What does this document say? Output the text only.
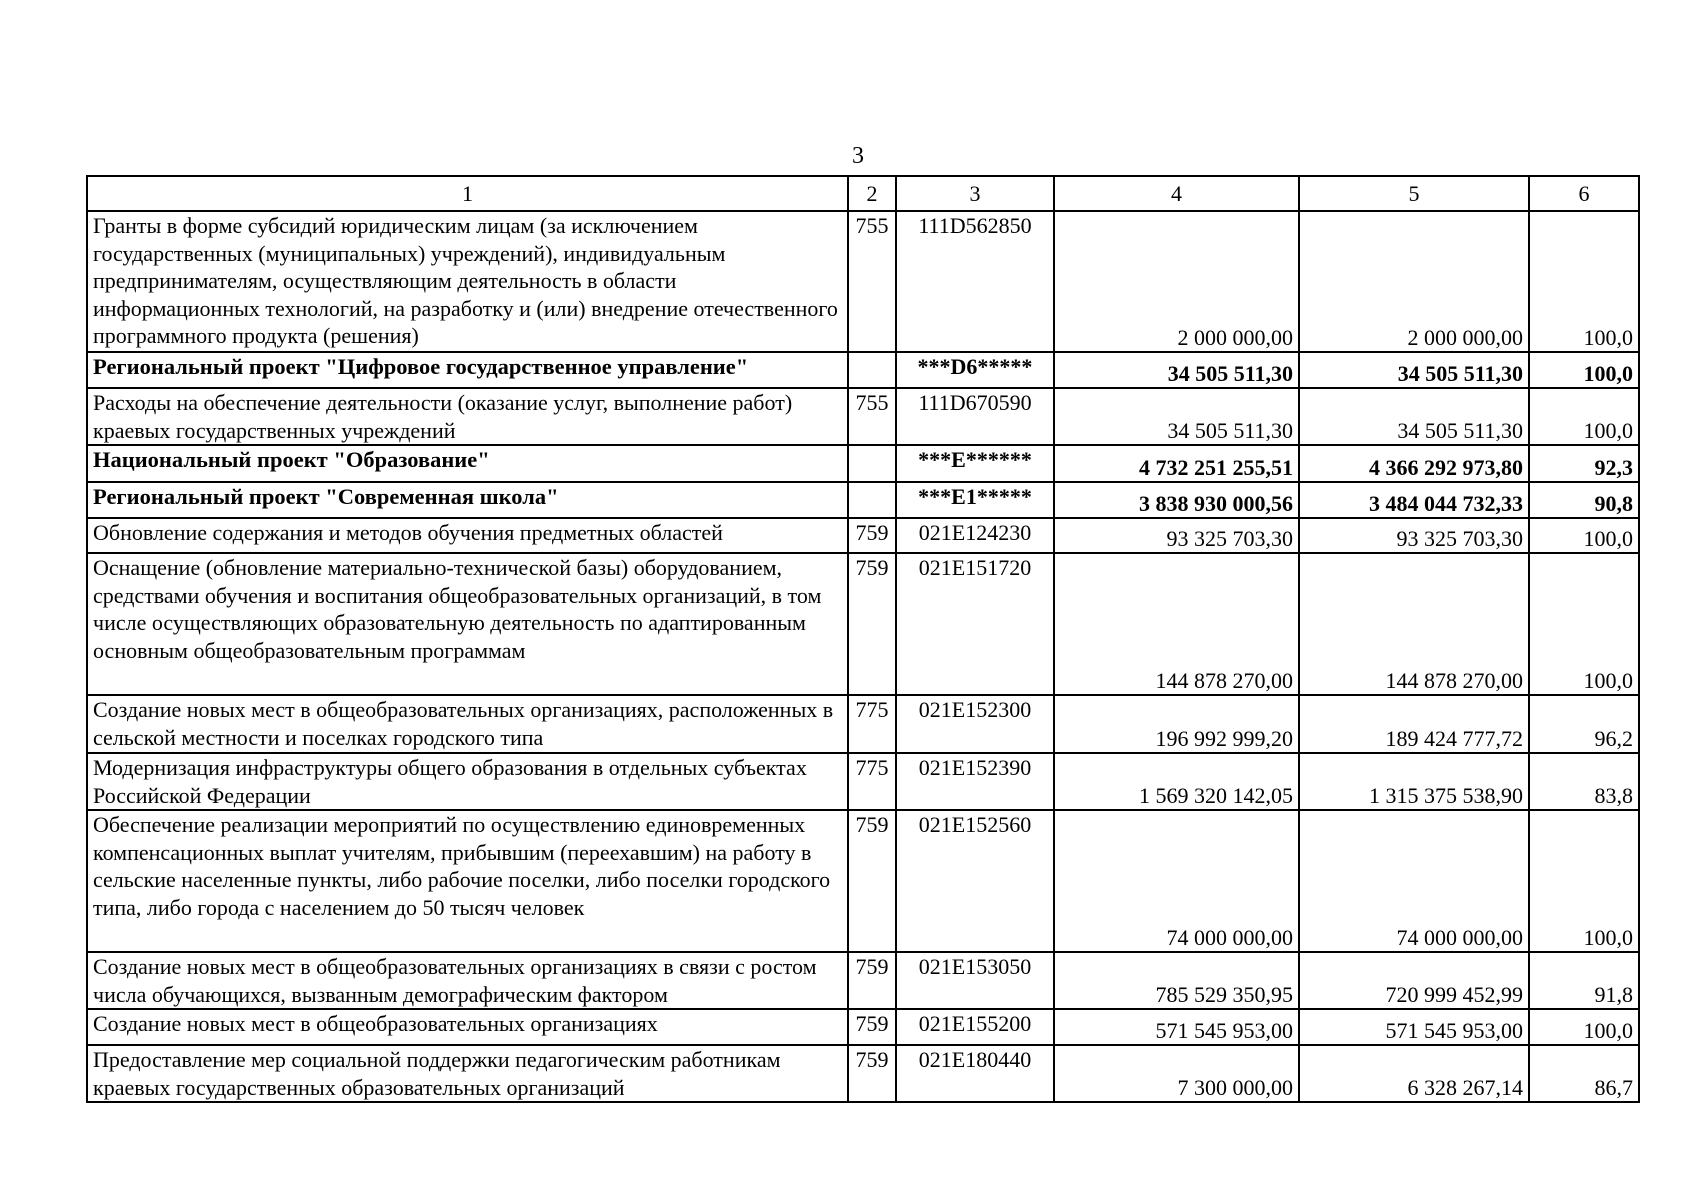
3
1	2	3	4	5	6
Гранты в форме субсидий юридическим лицам (за исключением государственных (муниципальных) учреждений), индивидуальным предпринимателям, осуществляющим деятельность в области информационных технологий, на разработку и (или) внедрение отечественного программного продукта (решения)	755	111D562850	2 000 000,00	2 000 000,00	100,0
Региональный проект "Цифровое государственное управление"		***D6*****	34 505 511,30	34 505 511,30	100,0
Расходы на обеспечение деятельности (оказание услуг, выполнение работ) краевых государственных учреждений	755	111D670590	34 505 511,30	34 505 511,30	100,0
Национальный проект "Образование"		***E******	4 732 251 255,51	4 366 292 973,80	92,3
Региональный проект "Современная школа"		***E1*****	3 838 930 000,56	3 484 044 732,33	90,8
Обновление содержания и методов обучения предметных областей	759	021E124230	93 325 703,30	93 325 703,30	100,0
Оснащение (обновление материально-технической базы) оборудованием, средствами обучения и воспитания общеобразовательных организаций, в том числе осуществляющих образовательную деятельность по адаптированным основным общеобразовательным программам	759	021E151720	144 878 270,00	144 878 270,00	100,0
Создание новых мест в общеобразовательных организациях, расположенных в сельской местности и поселках городского типа	775	021E152300	196 992 999,20	189 424 777,72	96,2
Модернизация инфраструктуры общего образования в отдельных субъектах Российской Федерации	775	021E152390	1 569 320 142,05	1 315 375 538,90	83,8
Обеспечение реализации мероприятий по осуществлению единовременных компенсационных выплат учителям, прибывшим (переехавшим) на работу в сельские населенные пункты, либо рабочие поселки, либо поселки городского типа, либо города с населением до 50 тысяч человек	759	021E152560	74 000 000,00	74 000 000,00	100,0
Создание новых мест в общеобразовательных организациях в связи с ростом числа обучающихся, вызванным демографическим фактором	759	021E153050	785 529 350,95	720 999 452,99	91,8
Создание новых мест в общеобразовательных организациях	759	021E155200	571 545 953,00	571 545 953,00	100,0
Предоставление мер социальной поддержки педагогическим работникам краевых государственных образовательных организаций	759	021E180440	7 300 000,00	6 328 267,14	86,7
